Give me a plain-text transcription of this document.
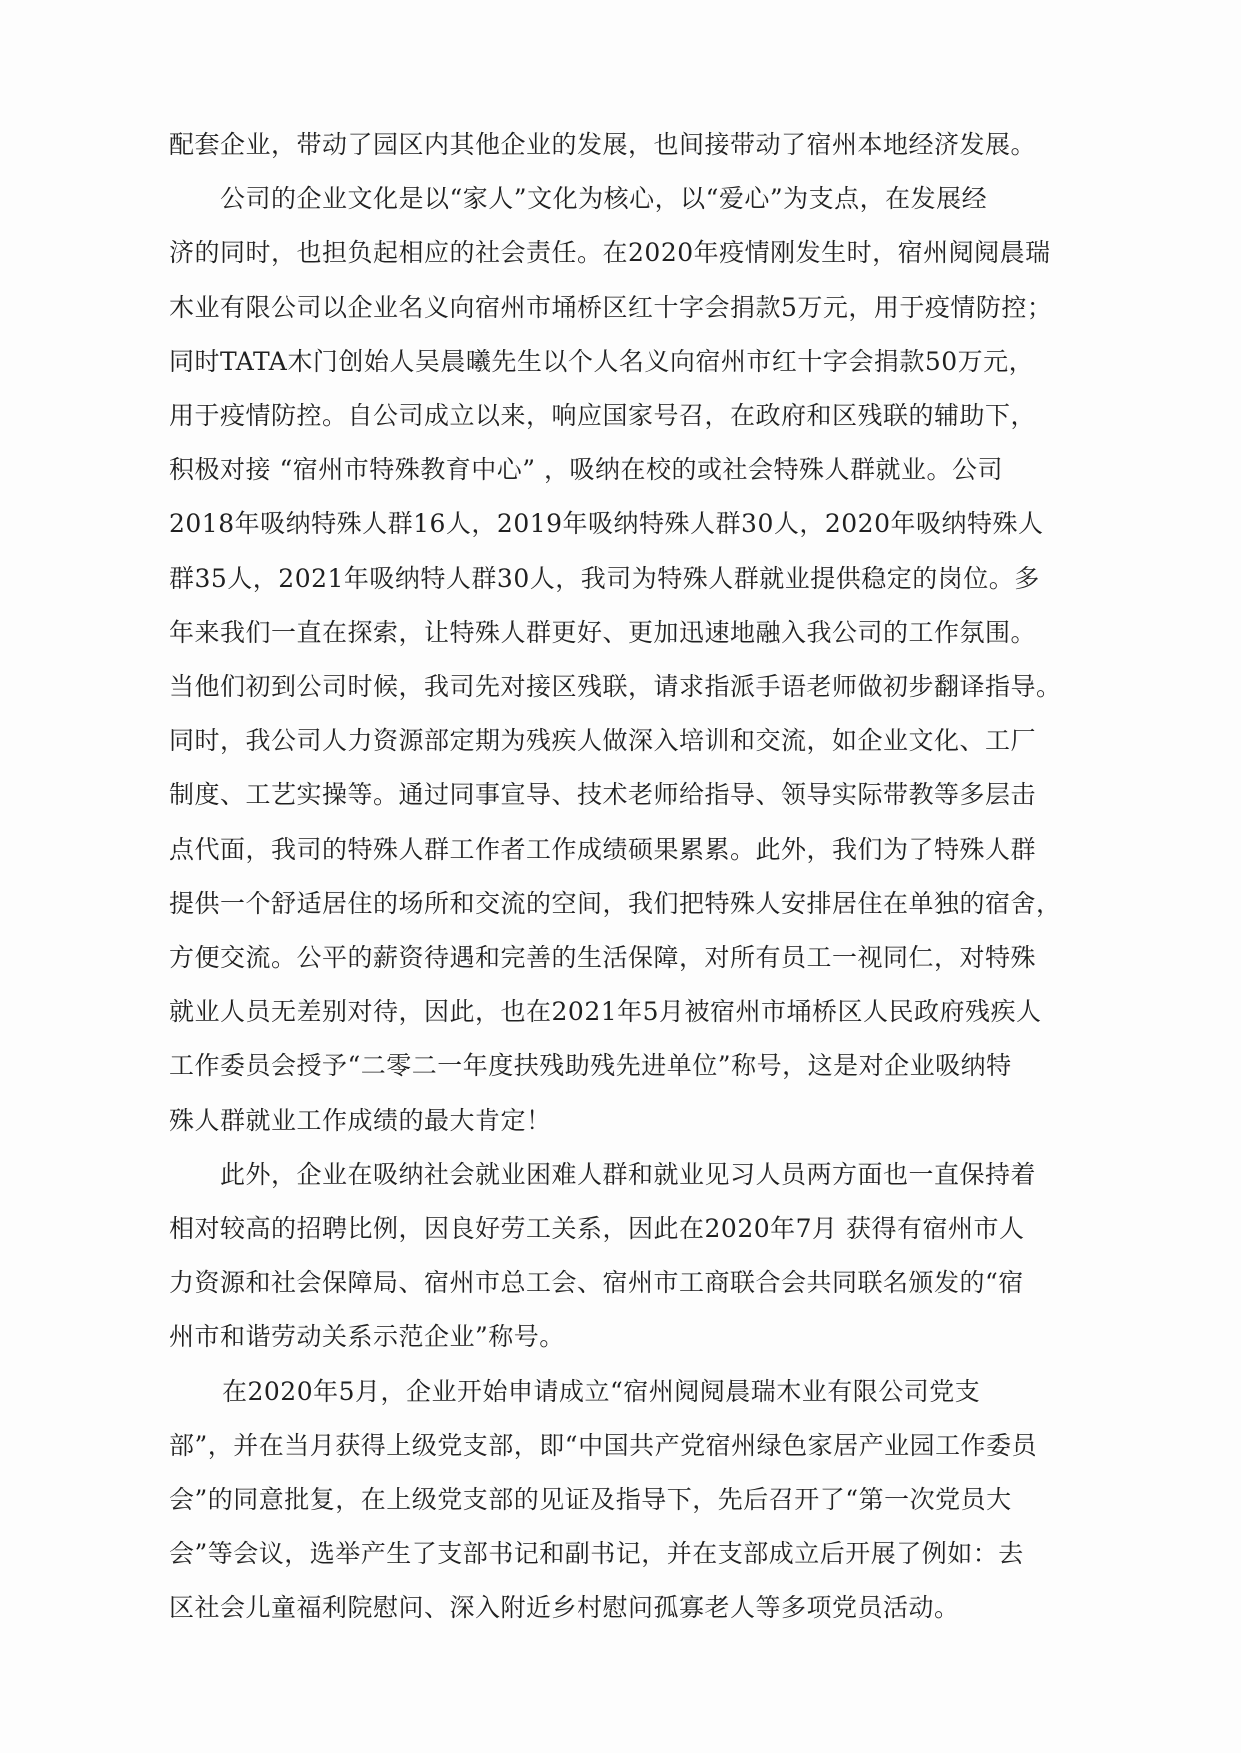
配套企业，带动了园区内其他企业的发展，也间接带动了宿州本地经济发展。
公司的企业文化是以“家人”文化为核心，以“爱心”为支点，在发展经
济的同时，也担负起相应的社会责任。在2020年疫情刚发生时，宿州阋阋晨瑞
木业有限公司以企业名义向宿州市埇桥区红十字会捐款5万元，用于疫情防控；
同时TATA木门创始人吴晨曦先生以个人名义向宿州市红十字会捐款50万元，
用于疫情防控。自公司成立以来，响应国家号召，在政府和区残联的辅助下，
积极对接 “宿州市特殊教育中心” ，吸纳在校的或社会特殊人群就业。公司
2018年吸纳特殊人群16人，2019年吸纳特殊人群30人，2020年吸纳特殊人
群35人，2021年吸纳特人群30人，我司为特殊人群就业提供稳定的岗位。多
年来我们一直在探索，让特殊人群更好、更加迅速地融入我公司的工作氛围。
当他们初到公司时候，我司先对接区残联，请求指派手语老师做初步翻译指导。
同时，我公司人力资源部定期为残疾人做深入培训和交流，如企业文化、工厂
制度、工艺实操等。通过同事宣导、技术老师给指导、领导实际带教等多层击
点代面，我司的特殊人群工作者工作成绩硕果累累。此外，我们为了特殊人群
提供一个舒适居住的场所和交流的空间，我们把特殊人安排居住在单独的宿舍，
方便交流。公平的薪资待遇和完善的生活保障，对所有员工一视同仁，对特殊
就业人员无差别对待，因此，也在2021年5月被宿州市埇桥区人民政府残疾人
工作委员会授予“二零二一年度扶残助残先进单位”称号，这是对企业吸纳特
殊人群就业工作成绩的最大肯定！
此外，企业在吸纳社会就业困难人群和就业见习人员两方面也一直保持着
相对较高的招聘比例，因良好劳工关系，因此在2020年7月 获得有宿州市人
力资源和社会保障局、宿州市总工会、宿州市工商联合会共同联名颁发的“宿
州市和谐劳动关系示范企业”称号。
在2020年5月，企业开始申请成立“宿州阋阋晨瑞木业有限公司党支
部”，并在当月获得上级党支部，即“中国共产党宿州绿色家居产业园工作委员
会”的同意批复，在上级党支部的见证及指导下，先后召开了“第一次党员大
会”等会议，选举产生了支部书记和副书记，并在支部成立后开展了例如：去
区社会儿童福利院慰问、深入附近乡村慰问孤寡老人等多项党员活动。
